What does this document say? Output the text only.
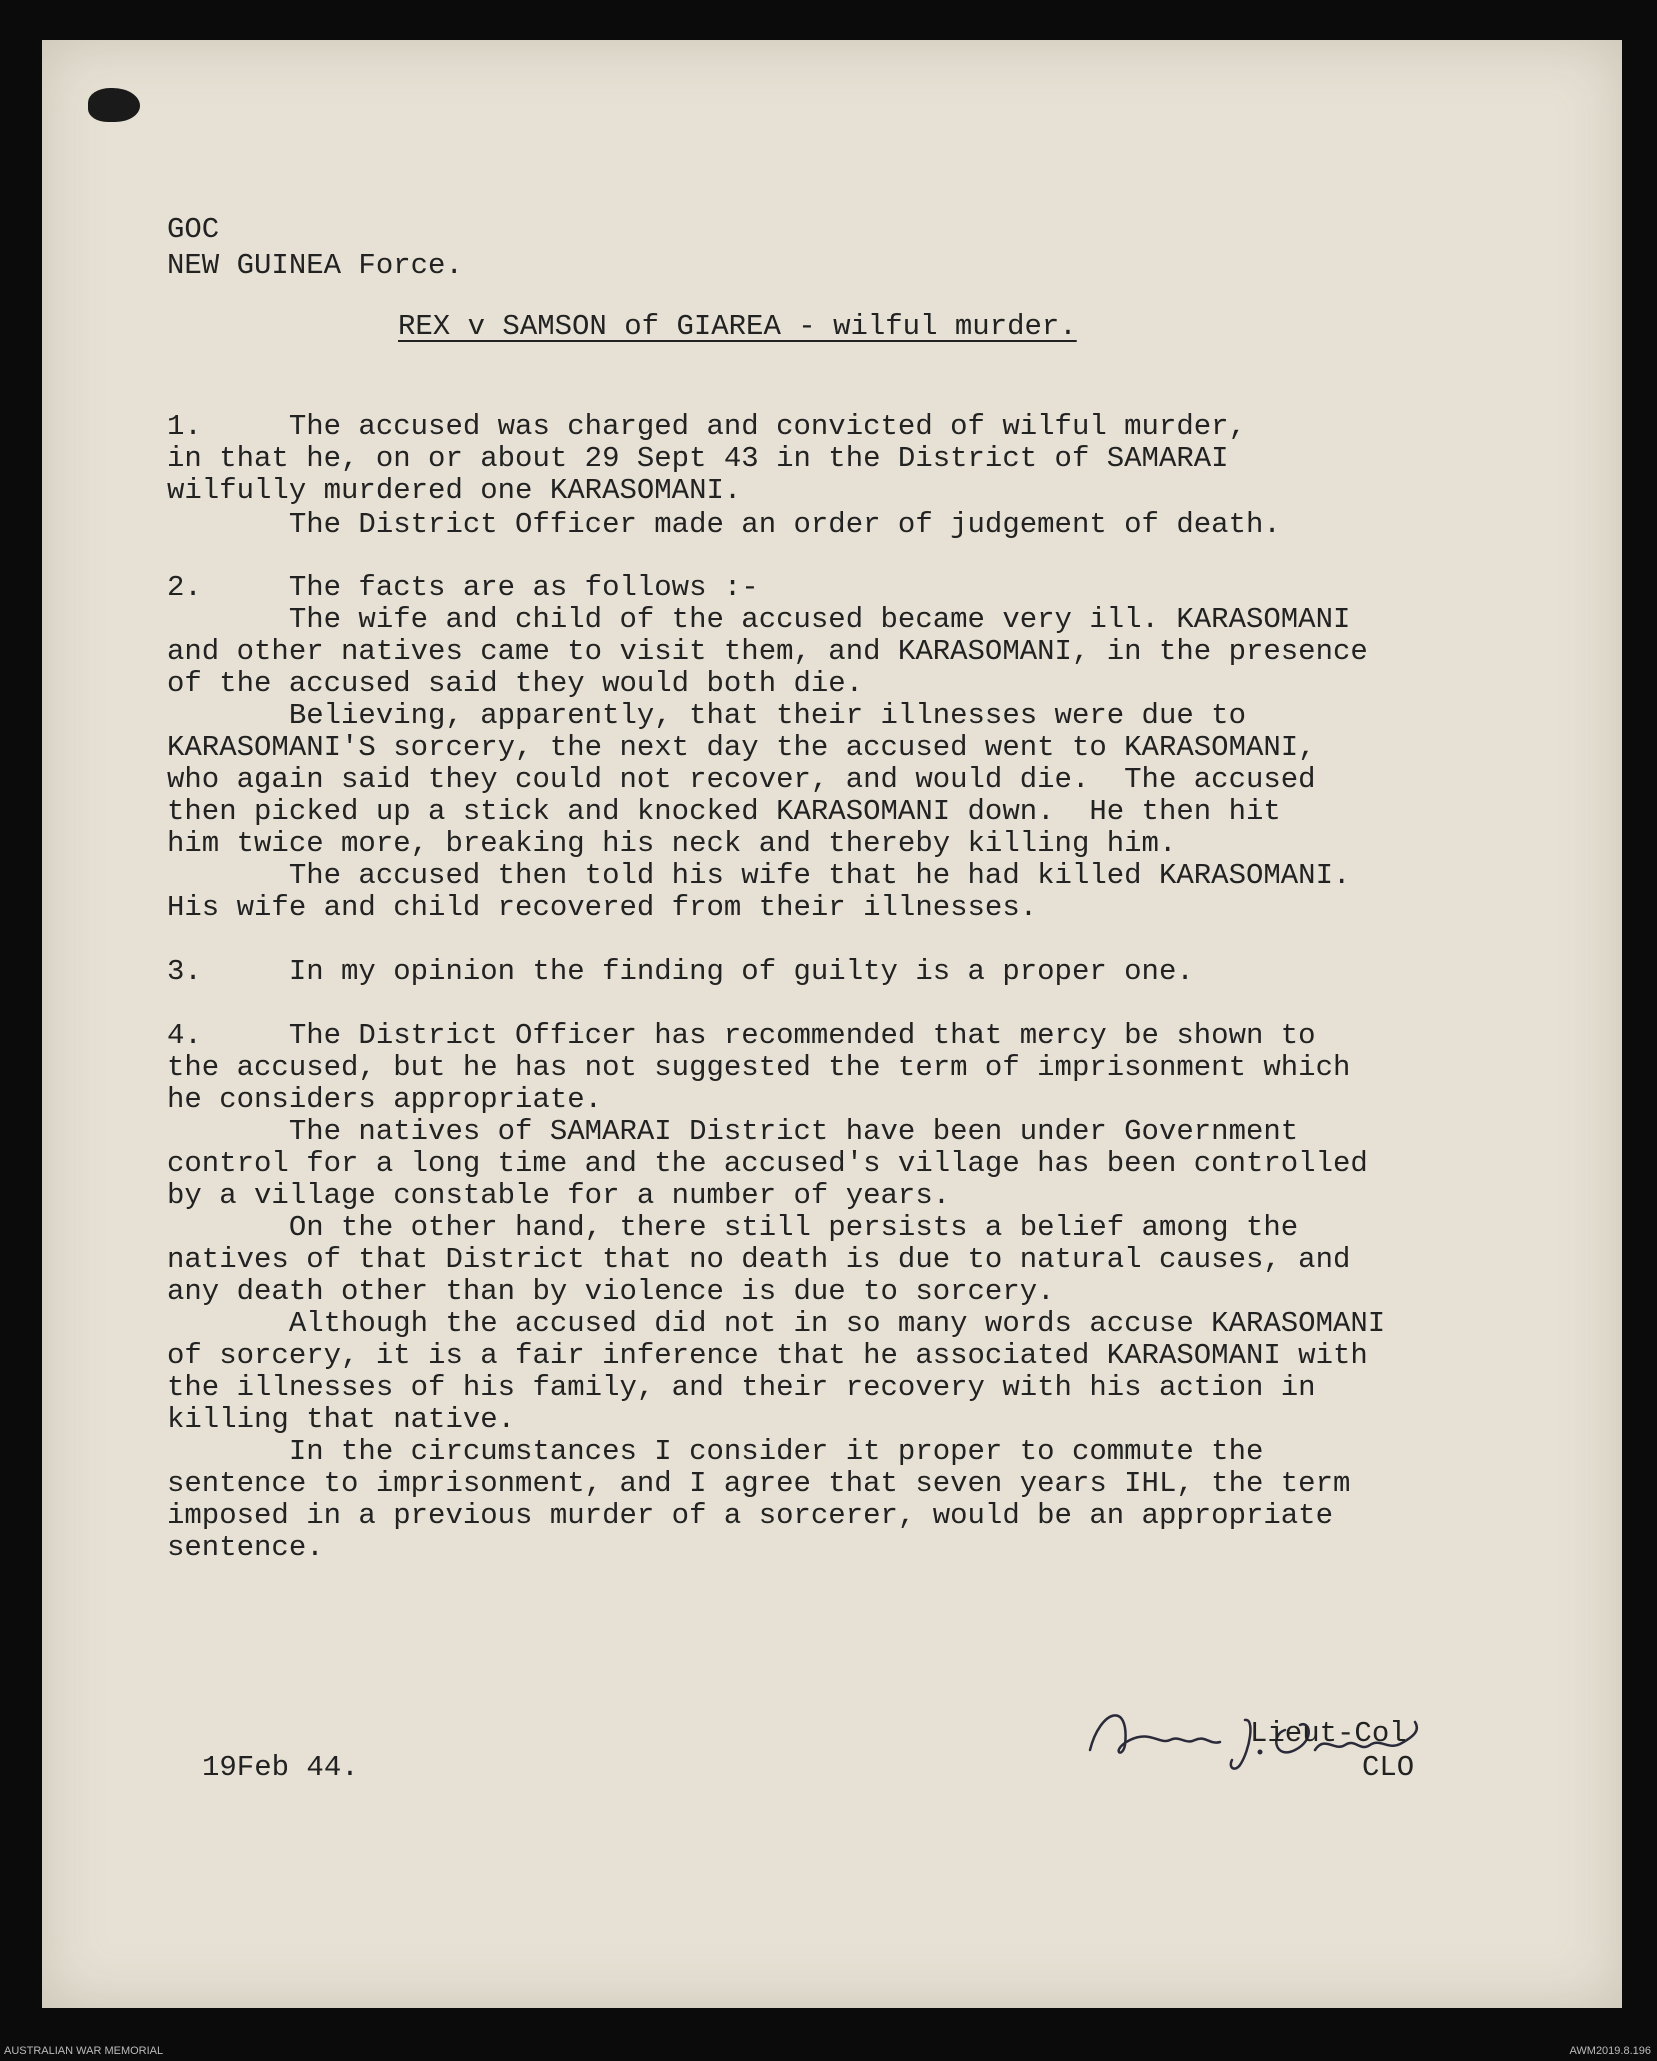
GOC
NEW GUINEA Force.
REX v SAMSON of GIAREA - wilful murder.
1.     The accused was charged and convicted of wilful murder,
in that he, on or about 29 Sept 43 in the District of SAMARAI
wilfully murdered one KARASOMANI.
The District Officer made an order of judgement of death.
2.     The facts are as follows :-
The wife and child of the accused became very ill. KARASOMANI
and other natives came to visit them, and KARASOMANI, in the presence
of the accused said they would both die.
Believing, apparently, that their illnesses were due to
KARASOMANI'S sorcery, the next day the accused went to KARASOMANI,
who again said they could not recover, and would die.  The accused
then picked up a stick and knocked KARASOMANI down.  He then hit
him twice more, breaking his neck and thereby killing him.
The accused then told his wife that he had killed KARASOMANI.
His wife and child recovered from their illnesses.
3.     In my opinion the finding of guilty is a proper one.
4.     The District Officer has recommended that mercy be shown to
the accused, but he has not suggested the term of imprisonment which
he considers appropriate.
The natives of SAMARAI District have been under Government
control for a long time and the accused's village has been controlled
by a village constable for a number of years.
On the other hand, there still persists a belief among the
natives of that District that no death is due to natural causes, and
any death other than by violence is due to sorcery.
Although the accused did not in so many words accuse KARASOMANI
of sorcery, it is a fair inference that he associated KARASOMANI with
the illnesses of his family, and their recovery with his action in
killing that native.
In the circumstances I consider it proper to commute the
sentence to imprisonment, and I agree that seven years IHL, the term
imposed in a previous murder of a sorcerer, would be an appropriate
sentence.
Lieut-Col
CLO
19Feb 44.
AUSTRALIAN WAR MEMORIAL	AWM2019.8.196
